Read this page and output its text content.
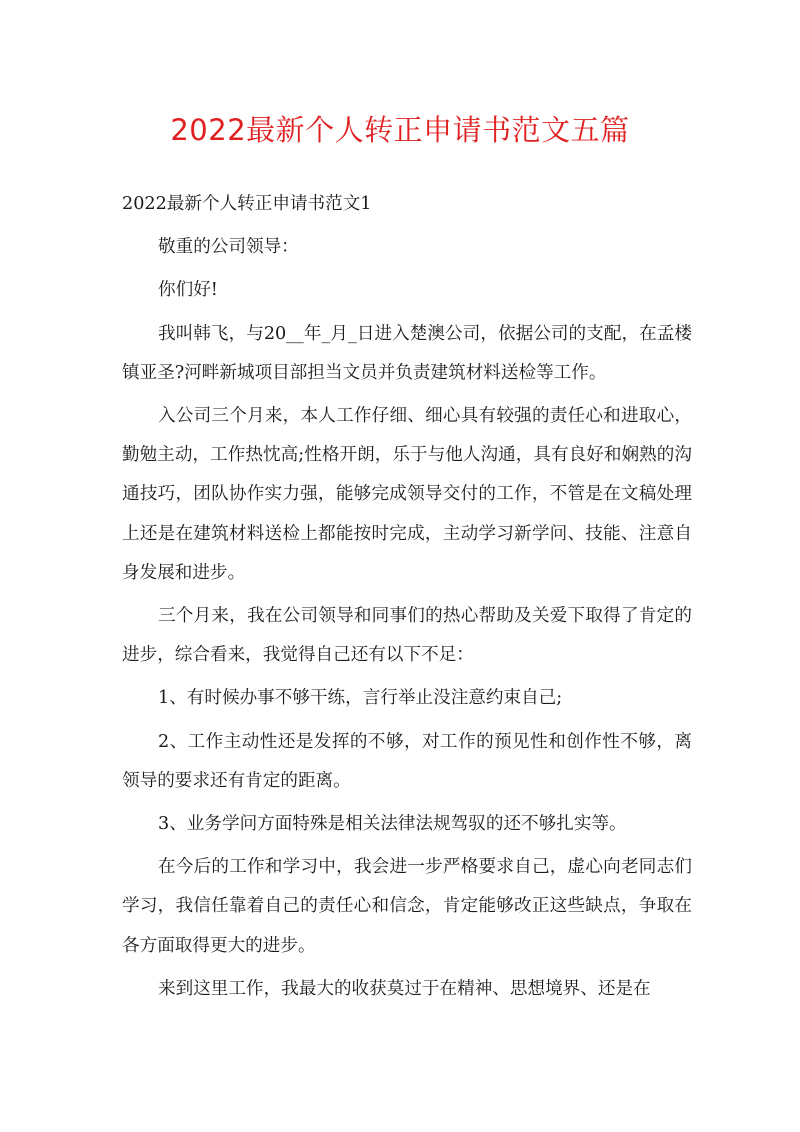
2022最新个人转正申请书范文五篇

2022最新个人转正申请书范文1

敬重的公司领导：

你们好!

我叫韩飞，与20__年_月_日进入楚澳公司，依据公司的支配，在孟楼镇亚圣?河畔新城项目部担当文员并负责建筑材料送检等工作。

入公司三个月来，本人工作仔细、细心具有较强的责任心和进取心，勤勉主动，工作热忱高;性格开朗，乐于与他人沟通，具有良好和娴熟的沟通技巧，团队协作实力强，能够完成领导交付的工作，不管是在文稿处理上还是在建筑材料送检上都能按时完成，主动学习新学问、技能、注意自身发展和进步。

三个月来，我在公司领导和同事们的热心帮助及关爱下取得了肯定的进步，综合看来，我觉得自己还有以下不足：

1、有时候办事不够干练，言行举止没注意约束自己;

2、工作主动性还是发挥的不够，对工作的预见性和创作性不够，离领导的要求还有肯定的距离。

3、业务学问方面特殊是相关法律法规驾驭的还不够扎实等。

在今后的工作和学习中，我会进一步严格要求自己，虚心向老同志们学习，我信任靠着自己的责任心和信念，肯定能够改正这些缺点，争取在各方面取得更大的进步。

来到这里工作，我最大的收获莫过于在精神、思想境界、还是在
